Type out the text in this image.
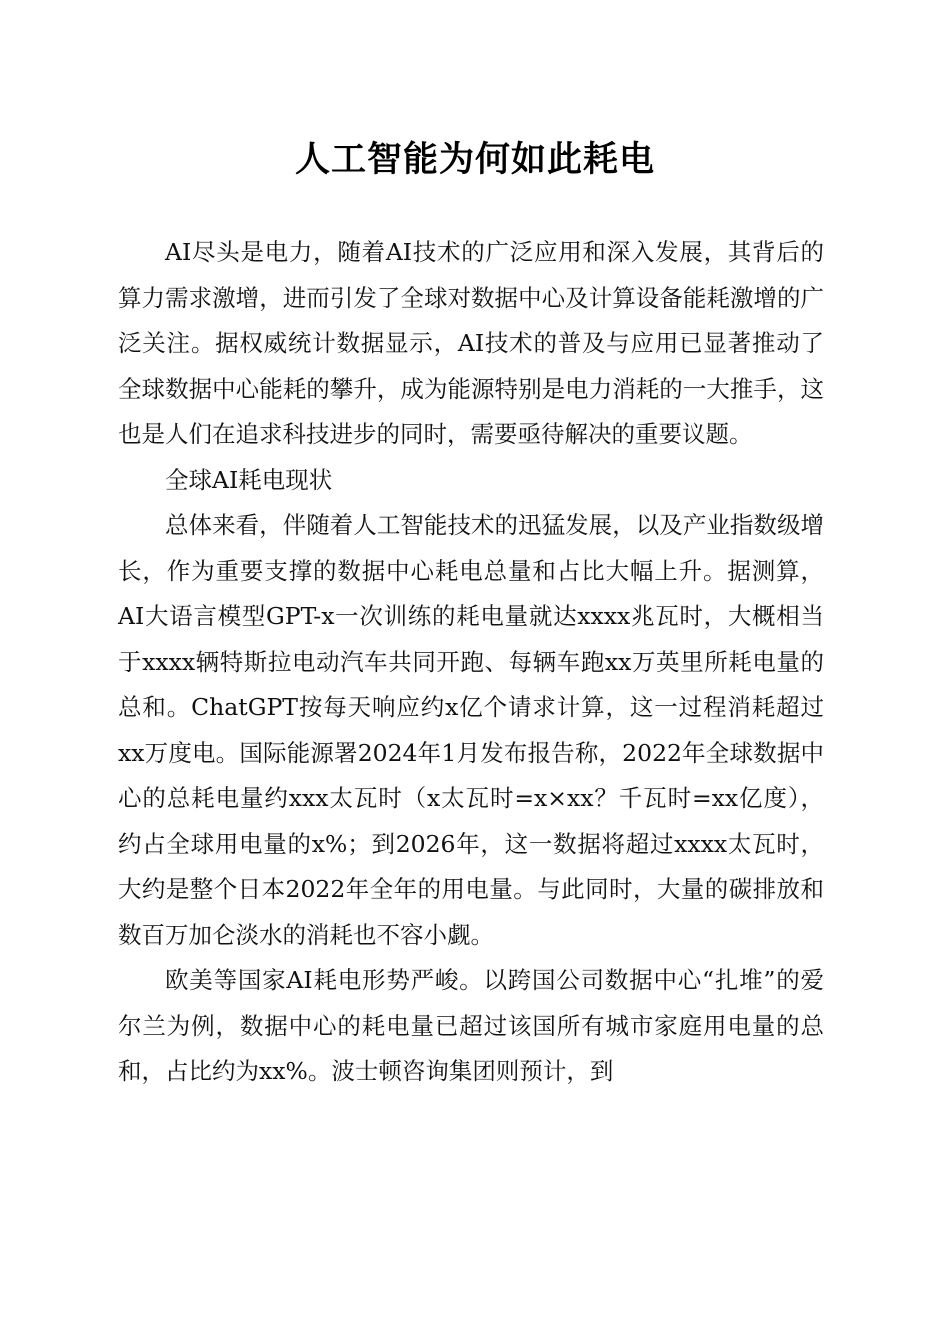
人工智能为何如此耗电

AI尽头是电力，随着AI技术的广泛应用和深入发展，其背后的算力需求激增，进而引发了全球对数据中心及计算设备能耗激增的广泛关注。据权威统计数据显示，AI技术的普及与应用已显著推动了全球数据中心能耗的攀升，成为能源特别是电力消耗的一大推手，这也是人们在追求科技进步的同时，需要亟待解决的重要议题。

全球AI耗电现状

总体来看，伴随着人工智能技术的迅猛发展，以及产业指数级增长，作为重要支撑的数据中心耗电总量和占比大幅上升。据测算，AI大语言模型GPT-x一次训练的耗电量就达xxxx兆瓦时，大概相当于xxxx辆特斯拉电动汽车共同开跑、每辆车跑xx万英里所耗电量的总和。ChatGPT按每天响应约x亿个请求计算，这一过程消耗超过xx万度电。国际能源署2024年1月发布报告称，2022年全球数据中心的总耗电量约xxx太瓦时（x太瓦时=x×xx？千瓦时=xx亿度），约占全球用电量的x%；到2026年，这一数据将超过xxxx太瓦时，大约是整个日本2022年全年的用电量。与此同时，大量的碳排放和数百万加仑淡水的消耗也不容小觑。

欧美等国家AI耗电形势严峻。以跨国公司数据中心“扎堆”的爱尔兰为例，数据中心的耗电量已超过该国所有城市家庭用电量的总和，占比约为xx%。波士顿咨询集团则预计，到
